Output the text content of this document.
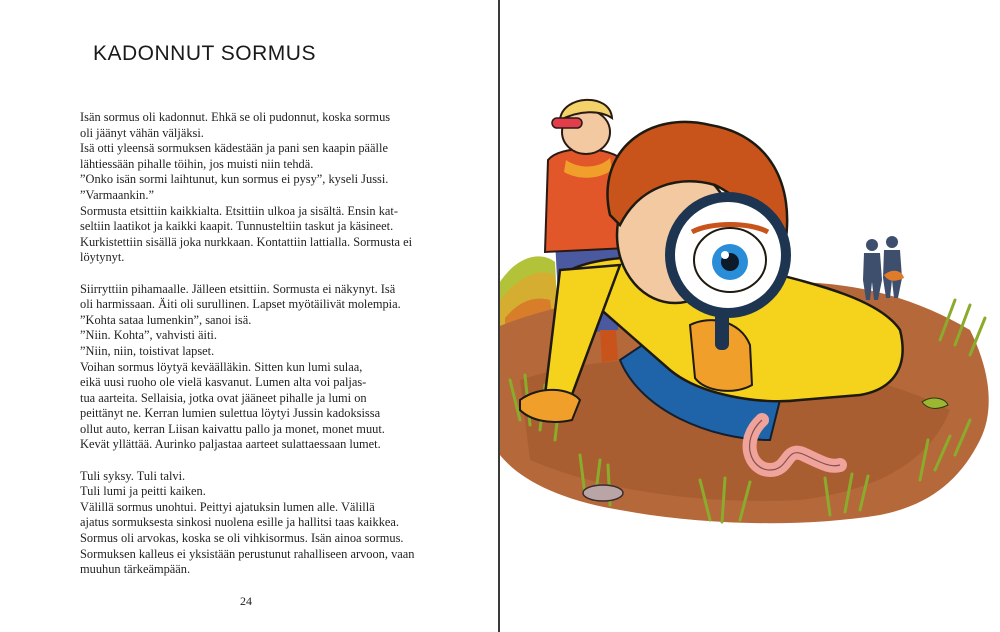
KADONNUT SORMUS
Isän sormus oli kadonnut. Ehkä se oli pudonnut, koska sormus
oli jäänyt vähän väljäksi.
Isä otti yleensä sormuksen kädestään ja pani sen kaapin päälle
lähtiessään pihalle töihin, jos muisti niin tehdä.
”Onko isän sormi laihtunut, kun sormus ei pysy”, kyseli Jussi.
”Varmaankin.”
Sormusta etsittiin kaikkialta. Etsittiin ulkoa ja sisältä. Ensin kat-
seltiin laatikot ja kaikki kaapit. Tunnusteltiin taskut ja käsineet.
Kurkistettiin sisällä joka nurkkaan. Kontattiin lattialla. Sormusta ei
löytynyt.
Siirryttiin pihamaalle. Jälleen etsittiin. Sormusta ei näkynyt. Isä
oli harmissaan. Äiti oli surullinen. Lapset myötäilivät molempia.
”Kohta sataa lumenkin”, sanoi isä.
”Niin. Kohta”, vahvisti äiti.
”Niin, niin, toistivat lapset.
Voihan sormus löytyä keväälläkin. Sitten kun lumi sulaa,
eikä uusi ruoho ole vielä kasvanut. Lumen alta voi paljas-
tua aarteita. Sellaisia, jotka ovat jääneet pihalle ja lumi on
peittänyt ne. Kerran lumien sulettua löytyi Jussin kadoksissa
ollut auto, kerran Liisan kaivattu pallo ja monet, monet muut.
Kevät yllättää. Aurinko paljastaa aarteet sulattaessaan lumet.
Tuli syksy. Tuli talvi.
Tuli lumi ja peitti kaiken.
Välillä sormus unohtui. Peittyi ajatuksin lumen alle. Välillä
ajatus sormuksesta sinkosi nuolena esille ja hallitsi taas kaikkea.
Sormus oli arvokas, koska se oli vihkisormus. Isän ainoa sormus.
Sormuksen kalleus ei yksistään perustunut rahalliseen arvoon, vaan
muuhun tärkeämpään.
24
